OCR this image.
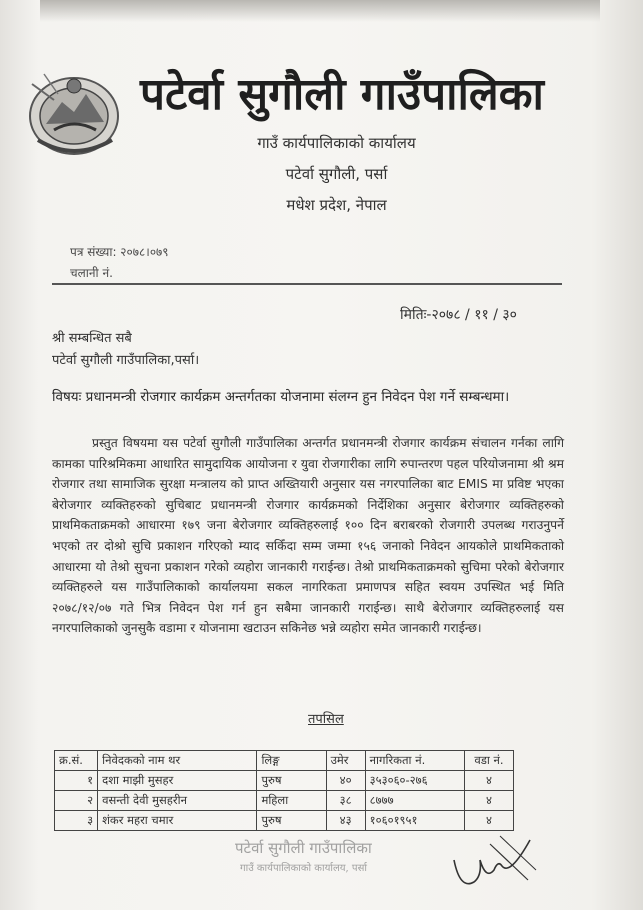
पटेर्वा सुगौली गाउँपालिका
गाउँ कार्यपालिकाको कार्यालय
पटेर्वा सुगौली, पर्सा
मधेश प्रदेश, नेपाल
पत्र संख्या: २०७८।०७९
चलानी नं.
मितिः-२०७८ / ११ / ३०
श्री सम्बन्धित सबै
पटेर्वा सुगौली गाउँपालिका,पर्सा।
विषयः प्रधानमन्त्री रोजगार कार्यक्रम अन्तर्गतका योजनामा संलग्न हुन निवेदन पेश गर्ने सम्बन्धमा।
प्रस्तुत विषयमा यस पटेर्वा सुगौली गाउँपालिका अन्तर्गत प्रधानमन्त्री रोजगार कार्यक्रम संचालन गर्नका लागि कामका पारिश्रमिकमा आधारित सामुदायिक आयोजना र युवा रोजगारीका लागि रुपान्तरण पहल परियोजनामा श्री श्रम रोजगार तथा सामाजिक सुरक्षा मन्त्रालय को प्राप्त अख्तियारी अनुसार यस नगरपालिका बाट EMIS मा प्रविष्ट भएका बेरोजगार व्यक्तिहरुको सुचिबाट प्रधानमन्त्री रोजगार कार्यक्रमको निर्देशिका अनुसार बेरोजगार व्यक्तिहरुको प्राथमिकताक्रमको आधारमा १७९ जना बेरोजगार व्यक्तिहरुलाई १०० दिन बराबरको रोजगारी उपलब्ध गराउनुपर्ने भएको तर दोश्रो सुचि प्रकाशन गरिएको म्याद सकिँदा सम्म जम्मा १५६ जनाको निवेदन आयकोले प्राथमिकताको आधारमा यो तेश्रो सुचना प्रकाशन गरेको व्यहोरा जानकारी गराईन्छ। तेश्रो प्राथमिकताक्रमको सुचिमा परेको बेरोजगार व्यक्तिहरुले यस गाउँपालिकाको कार्यालयमा सकल नागरिकता प्रमाणपत्र सहित स्वयम उपस्थित भई मिति २०७८/१२/०७ गते भित्र निवेदन पेश गर्न हुन सबैमा जानकारी गराईन्छ। साथै बेरोजगार व्यक्तिहरुलाई यस नगरपालिकाको जुनसुकै वडामा र योजनामा खटाउन सकिनेछ भन्ने व्यहोरा समेत जानकारी गराईन्छ।
तपसिल
क्र.सं.	निवेदकको नाम थर	लिङ्ग	उमेर	नागरिकता नं.	वडा नं.
१	दशा माझी मुसहर	पुरुष	४०	३५३०६०-२७६	४
२	वसन्ती देवी मुसहरीन	महिला	३८	८७७७	४
३	शंकर महरा चमार	पुरुष	४३	१०६०१९५१	४
पटेर्वा सुगौली गाउँपालिका
गाउँ कार्यपालिकाको कार्यालय, पर्सा
